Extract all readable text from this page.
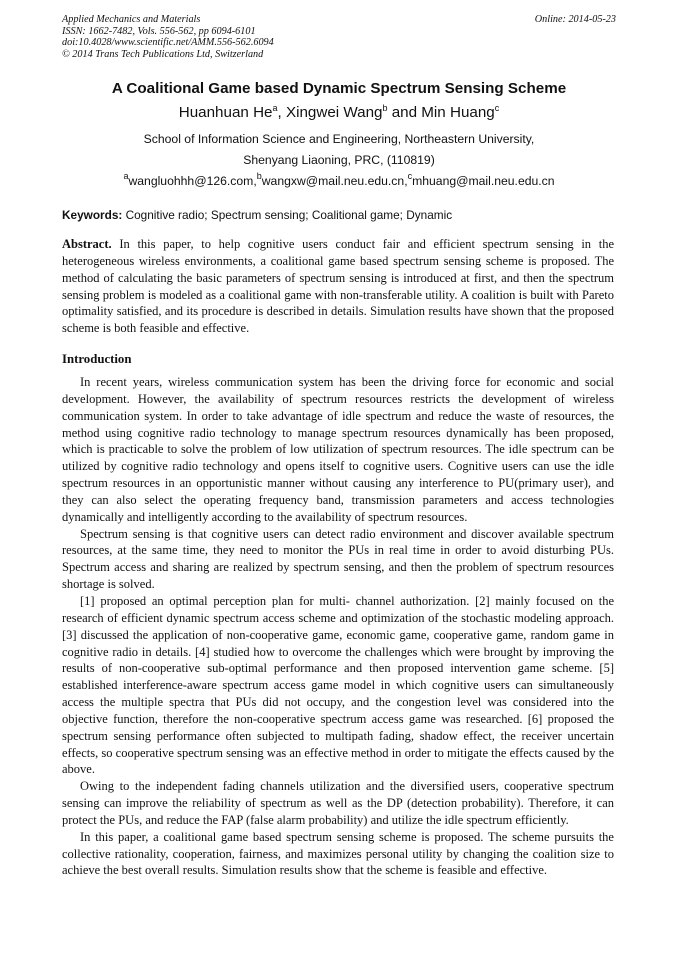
Applied Mechanics and Materials
ISSN: 1662-7482, Vols. 556-562, pp 6094-6101
doi:10.4028/www.scientific.net/AMM.556-562.6094
© 2014 Trans Tech Publications Ltd, Switzerland
Online: 2014-05-23
A Coalitional Game based Dynamic Spectrum Sensing Scheme
Huanhuan He$^a$, Xingwei Wang$^b$ and Min Huang$^c$
School of Information Science and Engineering, Northeastern University,
Shenyang Liaoning, PRC, (110819)
$^a$wangluohhh@126.com,$^b$wangxw@mail.neu.edu.cn,$^c$mhuang@mail.neu.edu.cn
Keywords: Cognitive radio; Spectrum sensing; Coalitional game; Dynamic
Abstract. In this paper, to help cognitive users conduct fair and efficient spectrum sensing in the heterogeneous wireless environments, a coalitional game based spectrum sensing scheme is proposed. The method of calculating the basic parameters of spectrum sensing is introduced at first, and then the spectrum sensing problem is modeled as a coalitional game with non-transferable utility. A coalition is built with Pareto optimality satisfied, and its procedure is described in details. Simulation results have shown that the proposed scheme is both feasible and effective.
Introduction

In recent years, wireless communication system has been the driving force for economic and social development. However, the availability of spectrum resources restricts the development of wireless communication system. In order to take advantage of idle spectrum and reduce the waste of resources, the method using cognitive radio technology to manage spectrum resources dynamically has been proposed, which is practicable to solve the problem of low utilization of spectrum resources. The idle spectrum can be utilized by cognitive radio technology and opens itself to cognitive users. Cognitive users can use the idle spectrum resources in an opportunistic manner without causing any interference to PU(primary user), and they can also select the operating frequency band, transmission parameters and access technologies dynamically and intelligently according to the availability of spectrum resources.

Spectrum sensing is that cognitive users can detect radio environment and discover available spectrum resources, at the same time, they need to monitor the PUs in real time in order to avoid disturbing PUs. Spectrum access and sharing are realized by spectrum sensing, and then the problem of spectrum resources shortage is solved.

[1] proposed an optimal perception plan for multi- channel authorization. [2] mainly focused on the research of efficient dynamic spectrum access scheme and optimization of the stochastic modeling approach. [3] discussed the application of non-cooperative game, economic game, cooperative game, random game in cognitive radio in details. [4] studied how to overcome the challenges which were brought by improving the results of non-cooperative sub-optimal performance and then proposed intervention game scheme. [5] established interference-aware spectrum access game model in which cognitive users can simultaneously access the multiple spectra that PUs did not occupy, and the congestion level was considered into the objective function, therefore the non-cooperative spectrum access game was researched. [6] proposed the spectrum sensing performance often subjected to multipath fading, shadow effect, the receiver uncertain effects, so cooperative spectrum sensing was an effective method in order to mitigate the effects caused by the above.

Owing to the independent fading channels utilization and the diversified users, cooperative spectrum sensing can improve the reliability of spectrum as well as the DP (detection probability). Therefore, it can protect the PUs, and reduce the FAP (false alarm probability) and utilize the idle spectrum efficiently.

In this paper, a coalitional game based spectrum sensing scheme is proposed. The scheme pursuits the collective rationality, cooperation, fairness, and maximizes personal utility by changing the coalition size to achieve the best overall results. Simulation results show that the scheme is feasible and effective.
